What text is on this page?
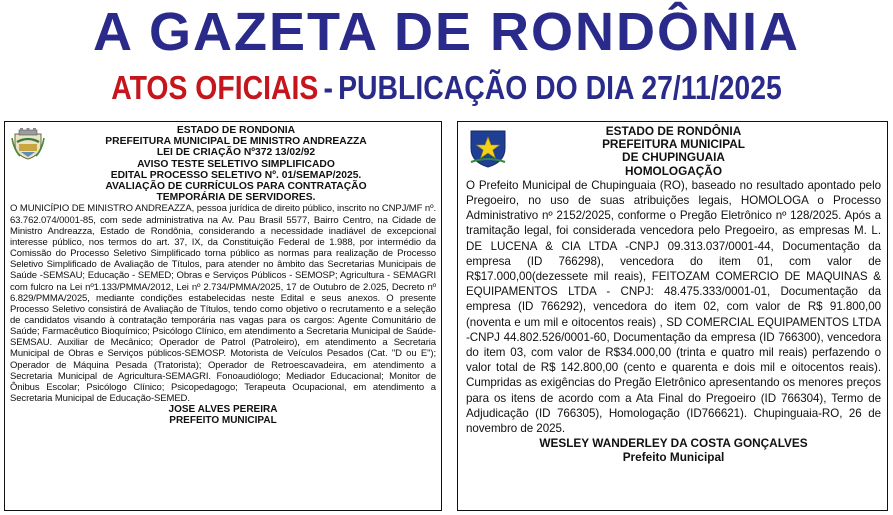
A GAZETA DE RONDÔNIA
ATOS OFICIAIS - PUBLICAÇÃO DO DIA 27/11/2025
ESTADO DE RONDONIA
PREFEITURA MUNICIPAL DE MINISTRO ANDREAZZA
LEI DE CRIAÇÃO Nº372 13/02/92
AVISO TESTE SELETIVO SIMPLIFICADO
EDITAL PROCESSO SELETIVO Nº. 01/SEMAP/2025.
AVALIAÇÃO DE CURRÍCULOS PARA CONTRATAÇÃO
TEMPORÁRIA DE SERVIDORES.
O MUNICÍPIO DE MINISTRO ANDREAZZA, pessoa jurídica de direito público, inscrito no CNPJ/MF nº. 63.762.074/0001-85, com sede administrativa na Av. Pau Brasil 5577, Bairro Centro, na Cidade de Ministro Andreazza, Estado de Rondônia, considerando a necessidade inadiável de excepcional interesse público, nos termos do art. 37, IX, da Constituição Federal de 1.988, por intermédio da Comissão do Processo Seletivo Simplificado torna público as normas para realização de Processo Seletivo Simplificado de Avaliação de Títulos, para atender no âmbito das Secretarias Municipais de Saúde -SEMSAU; Educação - SEMED; Obras e Serviços Públicos - SEMOSP; Agricultura - SEMAGRI com fulcro na Lei nº1.133/PMMA/2012, Lei nº 2.734/PMMA/2025, 17 de Outubro de 2.025, Decreto nº 6.829/PMMA/2025, mediante condições estabelecidas neste Edital e seus anexos. O presente Processo Seletivo consistirá de Avaliação de Títulos, tendo como objetivo o recrutamento e a seleção de candidatos visando à contratação temporária nas vagas para os cargos: Agente Comunitário de Saúde; Farmacêutico Bioquímico; Psicólogo Clínico, em atendimento a Secretaria Municipal de Saúde-SEMSAU. Auxiliar de Mecânico; Operador de Patrol (Patroleiro), em atendimento a Secretaria Municipal de Obras e Serviços públicos-SEMOSP. Motorista de Veículos Pesados (Cat. "D ou E"); Operador de Máquina Pesada (Tratorista); Operador de Retroescavadeira, em atendimento a Secretaria Municipal de Agricultura-SEMAGRI. Fonoaudiólogo; Mediador Educacional; Monitor de Ônibus Escolar; Psicólogo Clínico; Psicopedagogo; Terapeuta Ocupacional, em atendimento a Secretaria Municipal de Educação-SEMED.
JOSE ALVES PEREIRA
PREFEITO MUNICIPAL
ESTADO DE RONDÔNIA
PREFEITURA MUNICIPAL
DE CHUPINGUAIA
HOMOLOGAÇÃO
O Prefeito Municipal de Chupinguaia (RO), baseado no resultado apontado pelo Pregoeiro, no uso de suas atribuições legais, HOMOLOGA o Processo Administrativo nº 2152/2025, conforme o Pregão Eletrônico nº 128/2025. Após a tramitação legal, foi considerada vencedora pelo Pregoeiro, as empresas M. L. DE LUCENA & CIA LTDA -CNPJ 09.313.037/0001-44, Documentação da empresa (ID 766298), vencedora do item 01, com valor de R$17.000,00(dezessete mil reais), FEITOZAM COMERCIO DE MAQUINAS & EQUIPAMENTOS LTDA - CNPJ: 48.475.333/0001-01, Documentação da empresa (ID 766292), vencedora do item 02, com valor de R$ 91.800,00 (noventa e um mil e oitocentos reais) , SD COMERCIAL EQUIPAMENTOS LTDA -CNPJ 44.802.526/0001-60, Documentação da empresa (ID 766300), vencedora do item 03, com valor de R$34.000,00 (trinta e quatro mil reais) perfazendo o valor total de R$ 142.800,00 (cento e quarenta e dois mil e oitocentos reais). Cumpridas as exigências do Pregão Eletrônico apresentando os menores preços para os itens de acordo com a Ata Final do Pregoeiro (ID 766304), Termo de Adjudicação (ID 766305), Homologação (ID766621). Chupinguaia-RO, 26 de novembro de 2025.
WESLEY WANDERLEY DA COSTA GONÇALVES
Prefeito Municipal
